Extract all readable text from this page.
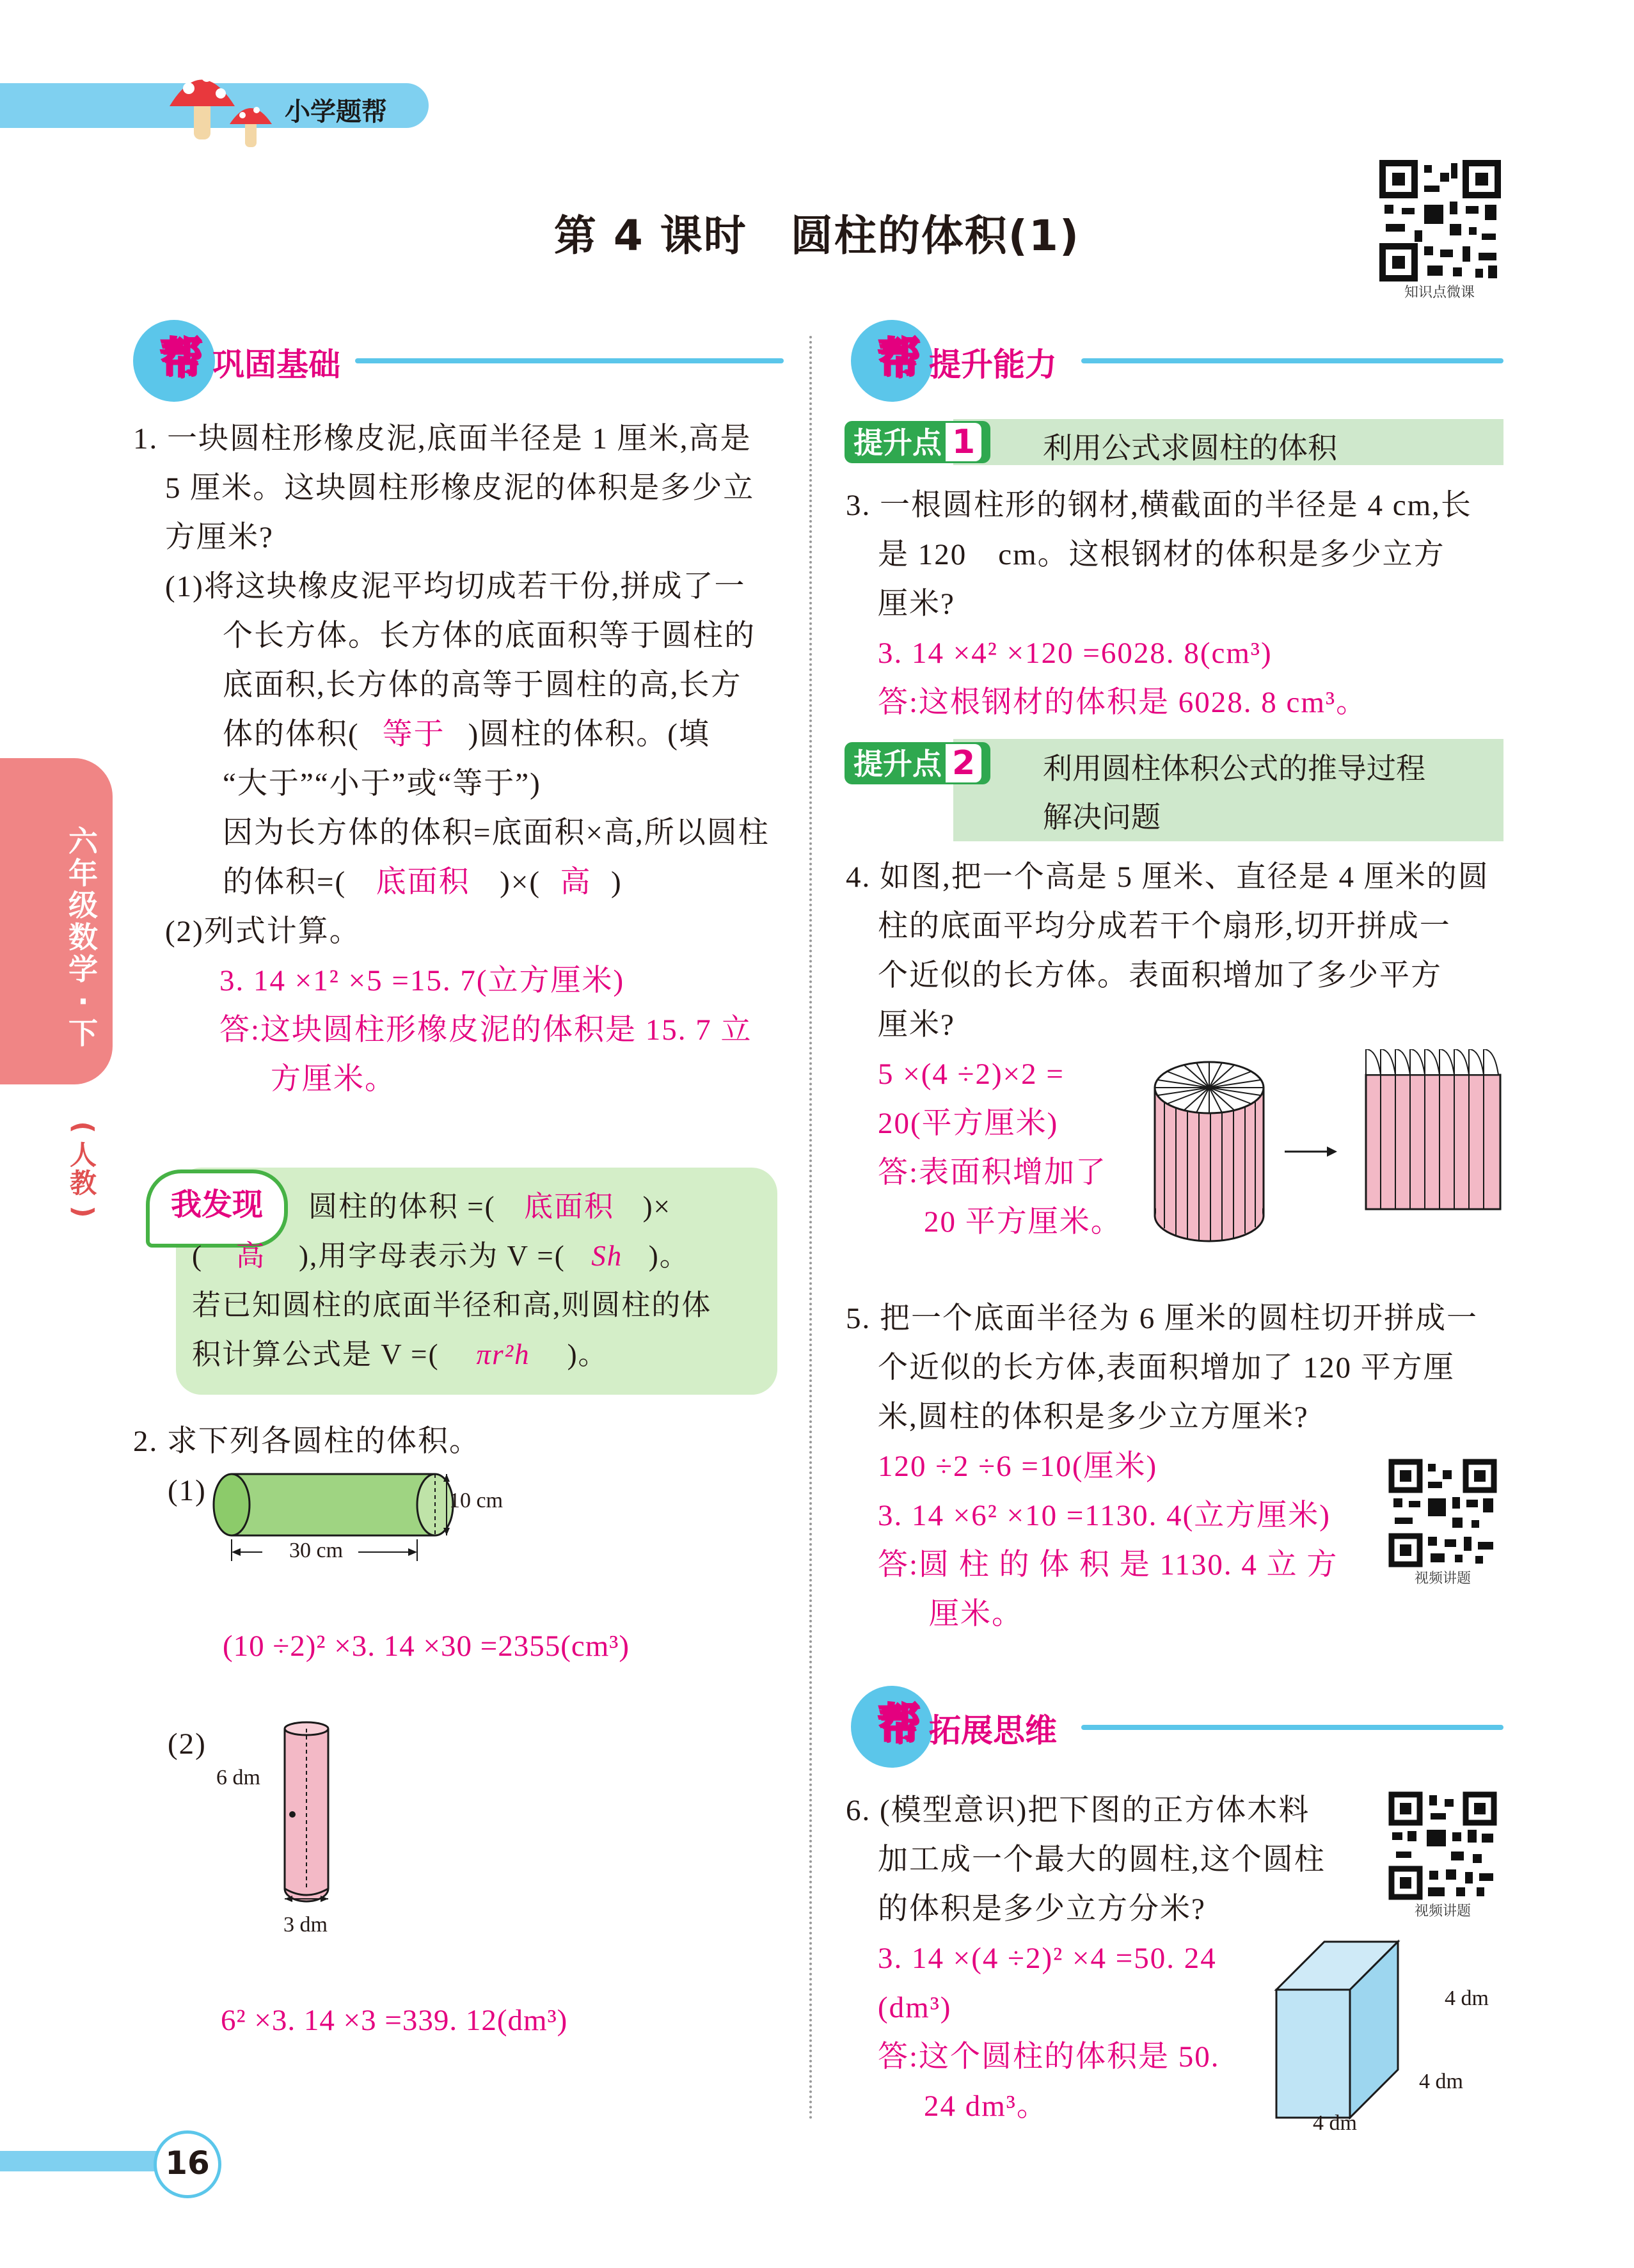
小学题帮
第 4 课时　圆柱的体积(1)
知识点微课
六
年
级
数
学
·
下
(
人
教
)
帮 巩固基础
1. 一块圆柱形橡皮泥,底面半径是 1 厘米,高是
5 厘米。这块圆柱形橡皮泥的体积是多少立
方厘米?
(1)将这块橡皮泥平均切成若干份,拼成了一
个长方体。长方体的底面积等于圆柱的
底面积,长方体的高等于圆柱的高,长方
体的体积( 等于 )圆柱的体积。(填
“大于”“小于”或“等于”)
因为长方体的体积=底面积×高,所以圆柱
的体积=( 底面积 )×( 高 )
(2)列式计算。
3. 14 ×1² ×5 =15. 7(立方厘米)
答:这块圆柱形橡皮泥的体积是 15. 7 立
方厘米。
我发现	圆柱的体积 =( 底面积 )×
( 高 ),用字母表示为 V =( Sh )。
若已知圆柱的底面半径和高,则圆柱的体
积计算公式是 V =( πr²h )。
2. 求下列各圆柱的体积。
(1)	10 cm
30 cm
(10 ÷2)² ×3. 14 ×30 =2355(cm³)
(2)
6 dm
3 dm
6² ×3. 14 ×3 =339. 12(dm³)
帮 提升能力
提升点 1	利用公式求圆柱的体积
3. 一根圆柱形的钢材,横截面的半径是 4 cm,长
是 120　cm。这根钢材的体积是多少立方
厘米?
3. 14 ×4² ×120 =6028. 8(cm³)
答:这根钢材的体积是 6028. 8 cm³。
提升点 2	利用圆柱体积公式的推导过程
解决问题
4. 如图,把一个高是 5 厘米、直径是 4 厘米的圆
柱的底面平均分成若干个扇形,切开拼成一
个近似的长方体。表面积增加了多少平方
厘米?
5 ×(4 ÷2)×2 =
20(平方厘米)
答:表面积增加了
20 平方厘米。
5. 把一个底面半径为 6 厘米的圆柱切开拼成一
个近似的长方体,表面积增加了 120 平方厘
米,圆柱的体积是多少立方厘米?
120 ÷2 ÷6 =10(厘米)
3. 14 ×6² ×10 =1130. 4(立方厘米)
答:圆 柱 的 体 积 是 1130. 4 立 方
厘米。
视频讲题
帮 拓展思维
6. (模型意识)把下图的正方体木料
加工成一个最大的圆柱,这个圆柱
的体积是多少立方分米?
3. 14 ×(4 ÷2)² ×4 =50. 24
(dm³)
答:这个圆柱的体积是 50.
24 dm³。
视频讲题
4 dm
4 dm
4 dm
16
